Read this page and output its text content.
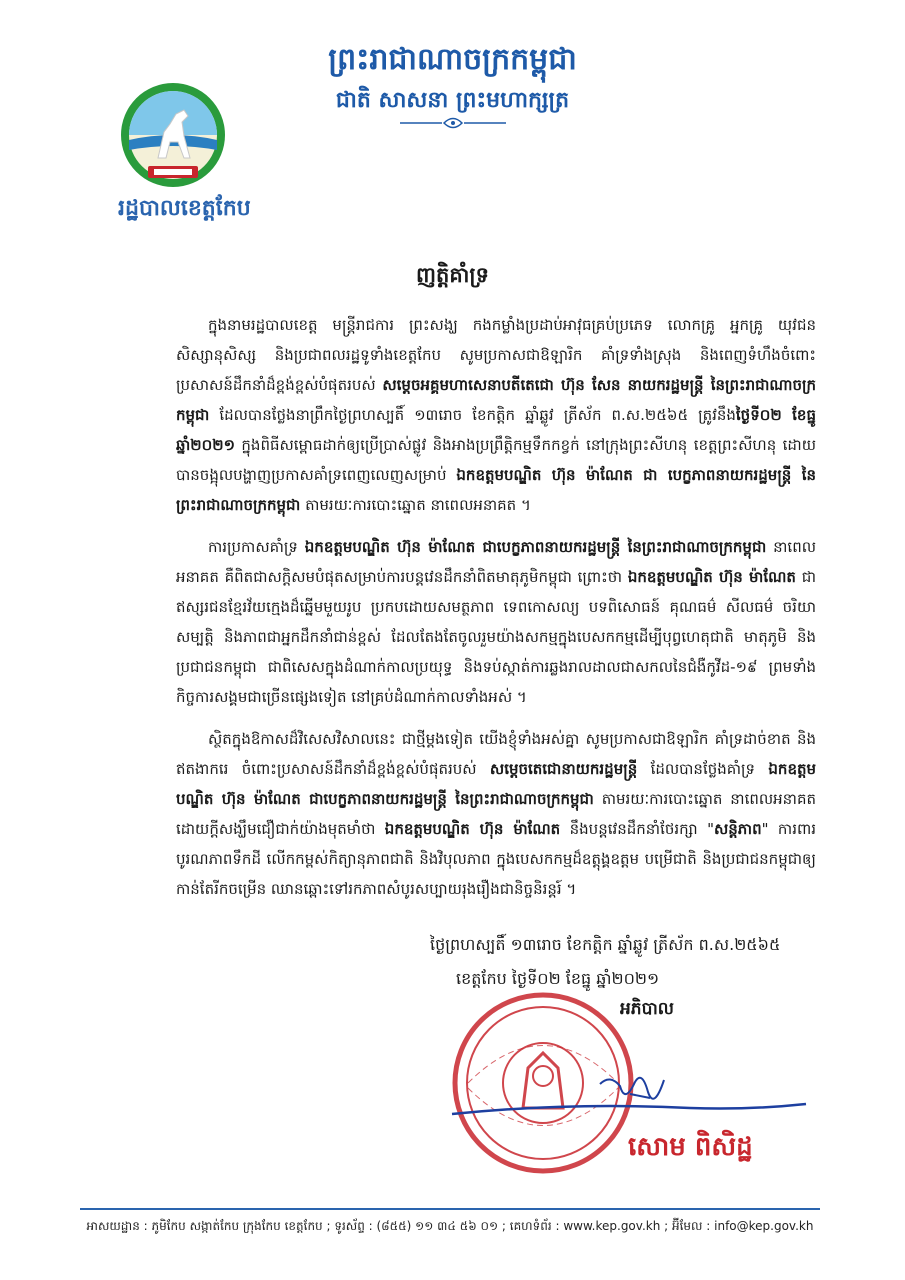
រដ្ឋបាលខេត្តកែប
ព្រះរាជាណាចក្រកម្ពុជា
ជាតិ សាសនា ព្រះមហាក្សត្រ
ញត្តិគាំទ្រ

ក្នុងនាមរដ្ឋបាលខេត្ត មន្ត្រីរាជការ ព្រះសង្ឃ កងកម្លាំងប្រដាប់អាវុធគ្រប់ប្រភេទ លោកគ្រូ អ្នកគ្រូ យុវជន សិស្សានុសិស្ស និងប្រជាពលរដ្ឋទូទាំងខេត្តកែប សូមប្រកាសជាឱឡារិក គាំទ្រទាំងស្រុង និងពេញទំហឹងចំពោះប្រសាសន៍ដឹកនាំដ៏ខ្ពង់ខ្ពស់បំផុតរបស់ សម្តេចអគ្គមហាសេនាបតីតេជោ ហ៊ុន សែន នាយករដ្ឋមន្ត្រី នៃព្រះរាជាណាចក្រកម្ពុជា ដែលបានថ្លែងនាព្រឹកថ្ងៃព្រហស្បតិ៍ ១៣រោច ខែកត្តិក ឆ្នាំឆ្លូវ ត្រីស័ក ព.ស.២៥៦៥ ត្រូវនឹងថ្ងៃទី០២ ខែធ្នូ ឆ្នាំ២០២១ ក្នុងពិធីសម្ពោធដាក់ឲ្យប្រើប្រាស់ផ្លូវ និងអាងប្រព្រឹត្តិកម្មទឹកកខ្វក់ នៅក្រុងព្រះសីហនុ ខេត្តព្រះសីហនុ ដោយបានចង្អុលបង្ហាញប្រកាសគាំទ្រពេញលេញសម្រាប់ ឯកឧត្តមបណ្ឌិត ហ៊ុន ម៉ាណែត ជា បេក្ខភាពនាយករដ្ឋមន្ត្រី នៃព្រះរាជាណាចក្រកម្ពុជា តាមរយៈការបោះឆ្នោត នាពេលអនាគត ។

ការប្រកាសគាំទ្រ ឯកឧត្តមបណ្ឌិត ហ៊ុន ម៉ាណែត ជាបេក្ខភាពនាយករដ្ឋមន្ត្រី នៃព្រះរាជាណាចក្រកម្ពុជា នាពេលអនាគត គឺពិតជាសក្តិសមបំផុតសម្រាប់ការបន្តវេនដឹកនាំពិតមាតុភូមិកម្ពុជា ព្រោះថា ឯកឧត្តមបណ្ឌិត ហ៊ុន ម៉ាណែត ជាឥស្សរជនខ្មែរវ័យក្មេងដ៏ឆ្នើមមួយរូប ប្រកបដោយសមត្ថភាព ទេពកោសល្យ បទពិសោធន៍ គុណធម៌ សីលធម៌ ចរិយាសម្បត្តិ និងភាពជាអ្នកដឹកនាំជាន់ខ្ពស់ ដែលតែងតែចូលរួមយ៉ាងសកម្មក្នុងបេសកកម្មដើម្បីបុព្វហេតុជាតិ មាតុភូមិ និងប្រជាជនកម្ពុជា ជាពិសេសក្នុងដំណាក់កាលប្រយុទ្ធ និងទប់ស្កាត់ការឆ្លងរាលដាលជាសកលនៃជំងឺកូវីដ-១៩ ព្រមទាំងកិច្ចការសង្គមជាច្រើនផ្សេងទៀត នៅគ្រប់ដំណាក់កាលទាំងអស់ ។

ស្ថិតក្នុងឱកាសដ៏វិសេសវិសាលនេះ ជាថ្មីម្តងទៀត យើងខ្ញុំទាំងអស់គ្នា សូមប្រកាសជាឱឡារិក គាំទ្រដាច់ខាត និងឥតងាករេ ចំពោះប្រសាសន៍ដឹកនាំដ៏ខ្ពង់ខ្ពស់បំផុតរបស់ សម្តេចតេជោនាយករដ្ឋមន្ត្រី ដែលបានថ្លែងគាំទ្រ ឯកឧត្តមបណ្ឌិត ហ៊ុន ម៉ាណែត ជាបេក្ខភាពនាយករដ្ឋមន្ត្រី នៃព្រះរាជាណាចក្រកម្ពុជា តាមរយៈការបោះឆ្នោត នាពេលអនាគត ដោយក្តីសង្ឃឹមជឿជាក់យ៉ាងមុតមាំថា ឯកឧត្តមបណ្ឌិត ហ៊ុន ម៉ាណែត នឹងបន្តវេនដឹកនាំថែរក្សា "សន្តិភាព" ការពារបូរណភាពទឹកដី លើកកម្ពស់កិត្យានុភាពជាតិ និងវិបុលភាព ក្នុងបេសកកម្មដ៏ឧត្តុង្គឧត្តម បម្រើជាតិ និងប្រជាជនកម្ពុជាឲ្យកាន់តែរីកចម្រើន ឈានឆ្ពោះទៅរកភាពសំបូរសប្បាយរុងរឿងជានិច្ចនិរន្តរ៍ ។

ថ្ងៃព្រហស្បតិ៍ ១៣រោច ខែកត្តិក ឆ្នាំឆ្លូវ ត្រីស័ក ព.ស.២៥៦៥
ខេត្តកែប ថ្ងៃទី០២ ខែធ្នូ ឆ្នាំ២០២១
អភិបាល
សោម ពិសិដ្ឋ
អាសយដ្ឋាន : ភូមិកែប សង្កាត់កែប ក្រុងកែប ខេត្តកែប ; ទូរស័ព្ទ : (៨៥៥) ១១ ៣៤ ៥៦ ០១ ; គេហទំព័រ : www.kep.gov.kh ; អ៊ីមែល : info@kep.gov.kh
